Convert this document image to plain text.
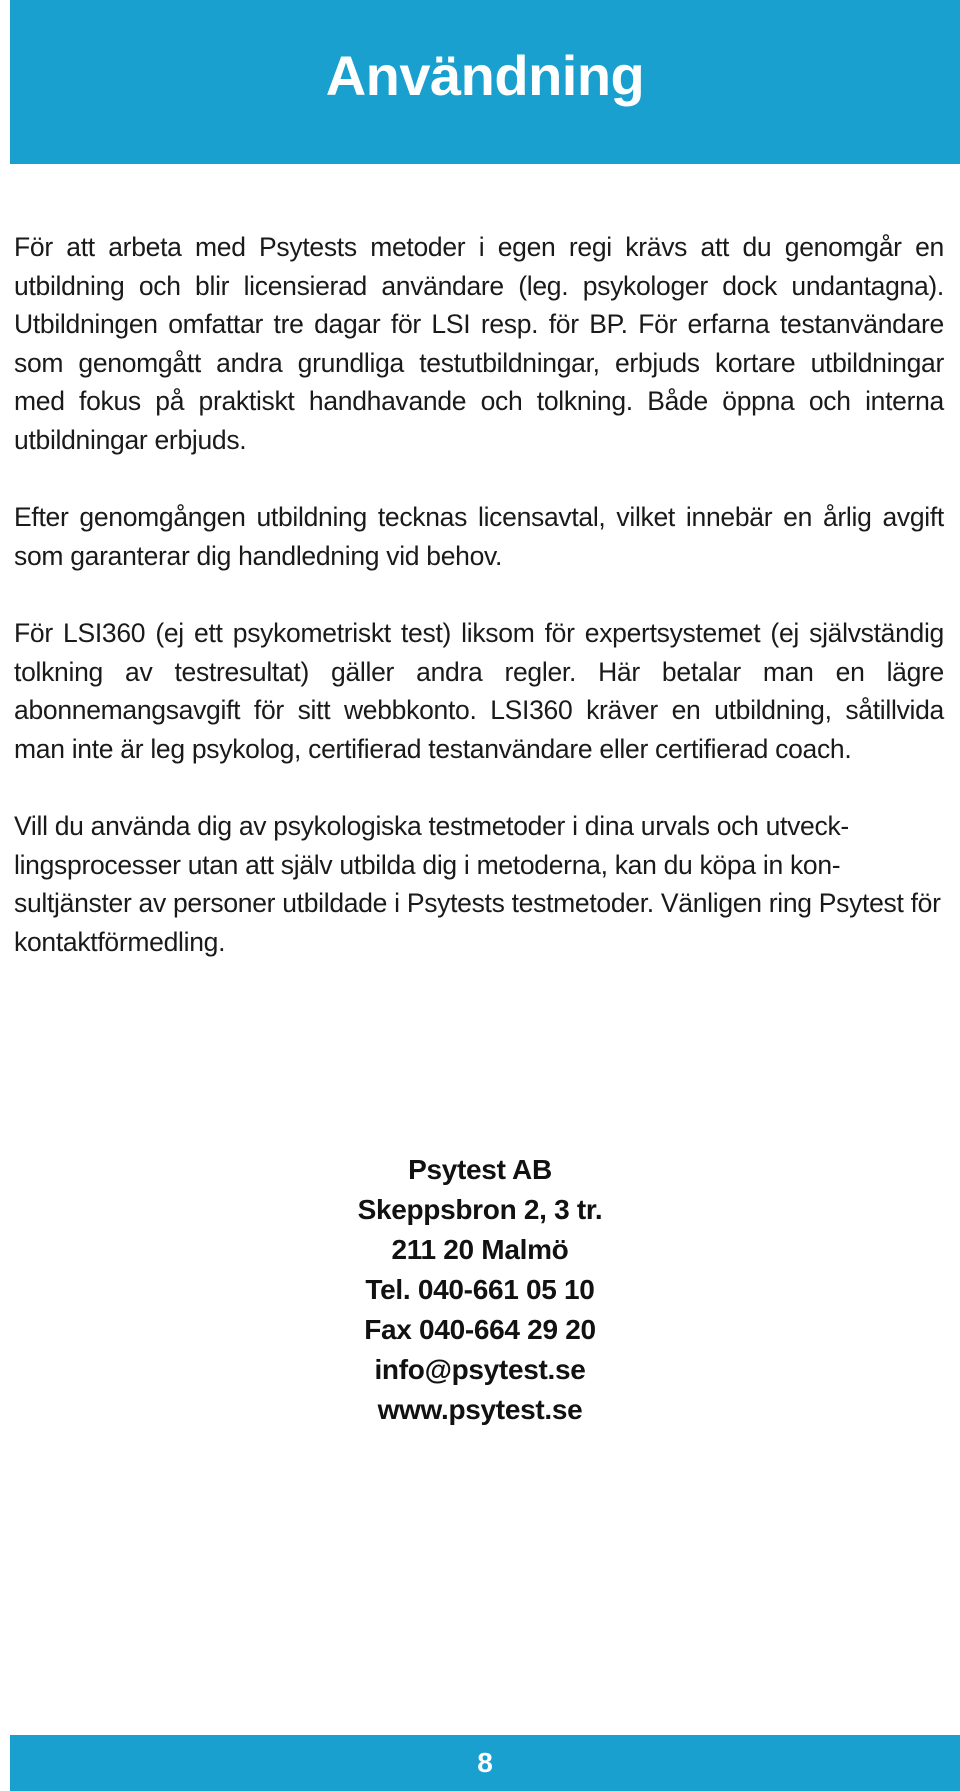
Användning

För att arbeta med Psytests metoder i egen regi krävs att du genomgår en utbildning och blir licensierad användare (leg. psykologer dock undantagna). Utbildningen omfattar tre dagar för LSI resp. för BP. För erfarna testanvändare som genomgått andra grundliga testutbildningar, erbjuds kortare utbildningar med fokus på praktiskt handhavande och tolkning. Både öppna och interna utbildningar erbjuds.

Efter genomgången utbildning tecknas licensavtal, vilket innebär en årlig avgift som garanterar dig handledning vid behov.

För LSI360 (ej ett psykometriskt test) liksom för expertsystemet (ej självständig tolkning av testresultat) gäller andra regler. Här betalar man en lägre abonnemangsavgift för sitt webbkonto. LSI360 kräver en utbildning, såtillvida man inte är leg psykolog, certifierad testanvändare eller certifierad coach.

Vill du använda dig av psykologiska testmetoder i dina urvals och utvecklingsprocesser utan att själv utbilda dig i metoderna, kan du köpa in konsultjänster av personer utbildade i Psytests testmetoder. Vänligen ring Psytest för kontaktförmedling.

Psytest AB
Skeppsbron 2, 3 tr.
211 20 Malmö
Tel. 040-661 05 10
Fax 040-664 29 20
info@psytest.se
www.psytest.se
8
